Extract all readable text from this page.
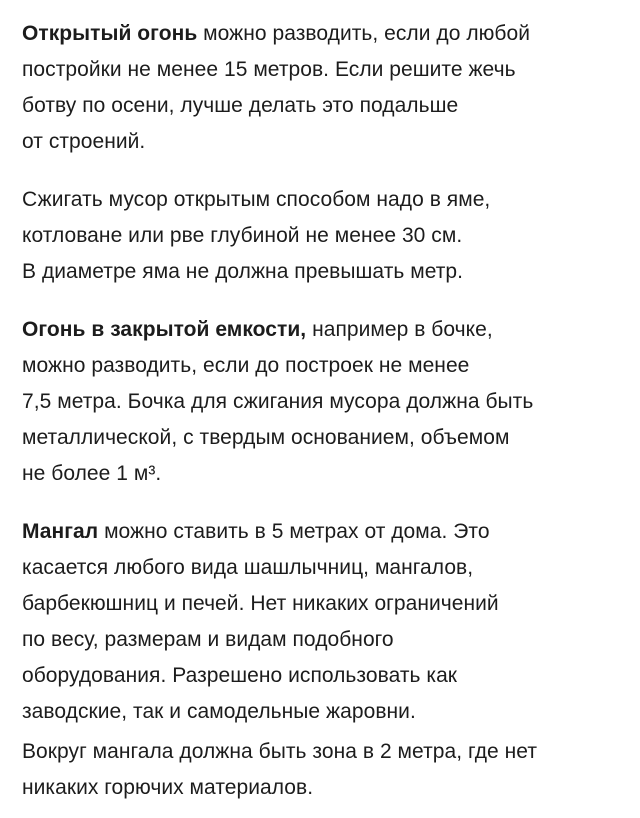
Открытый огонь можно разводить, если до любой
постройки не менее 15 метров. Если решите жечь
ботву по осени, лучше делать это подальше
от строений.

Сжигать мусор открытым способом надо в яме,
котловане или рве глубиной не менее 30 см.
В диаметре яма не должна превышать метр.

Огонь в закрытой емкости, например в бочке,
можно разводить, если до построек не менее
7,5 метра. Бочка для сжигания мусора должна быть
металлической, с твердым основанием, объемом
не более 1 м³.

Мангал можно ставить в 5 метрах от дома. Это
касается любого вида шашлычниц, мангалов,
барбекюшниц и печей. Нет никаких ограничений
по весу, размерам и видам подобного
оборудования. Разрешено использовать как
заводские, так и самодельные жаровни.

Вокруг мангала должна быть зона в 2 метра, где нет
никаких горючих материалов.
